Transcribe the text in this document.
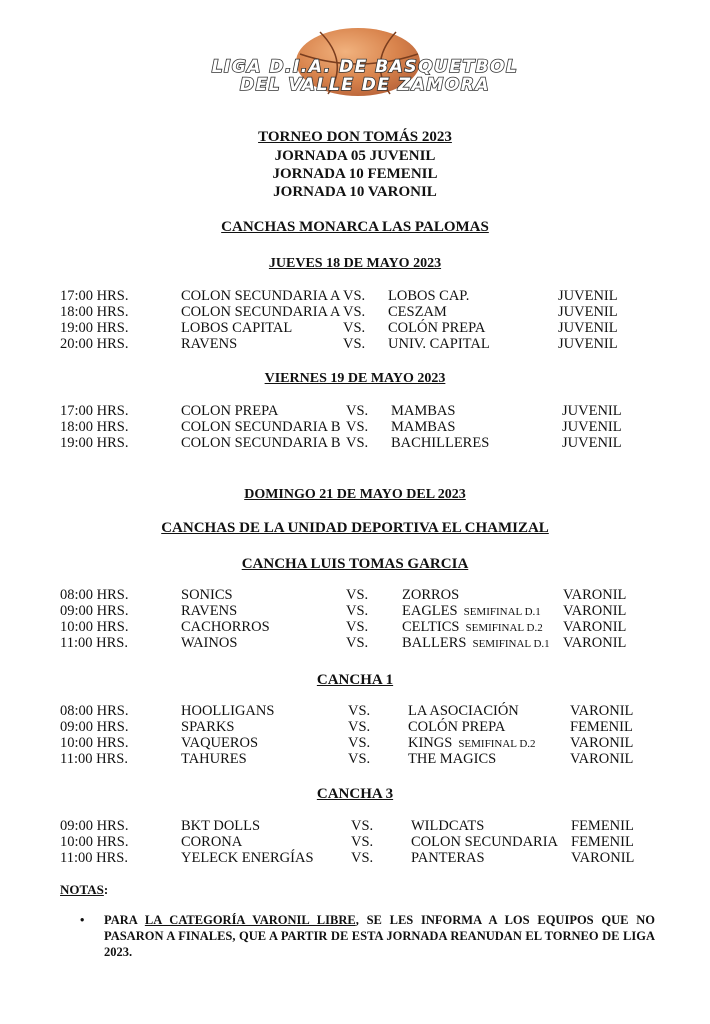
LIGA D.I.A. DE BASQUETBOL
DEL VALLE DE ZAMORA
TORNEO DON TOMÁS 2023
JORNADA 05 JUVENIL
JORNADA 10 FEMENIL
JORNADA 10 VARONIL
CANCHAS MONARCA LAS PALOMAS
JUEVES 18 DE MAYO 2023
17:00 HRS.	COLON SECUNDARIA A VS. LOBOS CAP.	JUVENIL
18:00 HRS.	COLON SECUNDARIA A VS. CESZAM	JUVENIL
19:00 HRS.	LOBOS CAPITAL	VS. COLÓN PREPA	JUVENIL
20:00 HRS.	RAVENS	VS. UNIV. CAPITAL	JUVENIL
VIERNES 19 DE MAYO 2023
17:00 HRS.	COLON PREPA	VS. MAMBAS	JUVENIL
18:00 HRS.	COLON SECUNDARIA B VS. MAMBAS	JUVENIL
19:00 HRS.	COLON SECUNDARIA B VS. BACHILLERES	JUVENIL
DOMINGO 21 DE MAYO DEL 2023
CANCHAS DE LA UNIDAD DEPORTIVA EL CHAMIZAL
CANCHA LUIS TOMAS GARCIA
08:00 HRS.	SONICS	VS. ZORROS	VARONIL
09:00 HRS.	RAVENS	VS. EAGLES SEMIFINAL D.1 VARONIL
10:00 HRS.	CACHORROS	VS. CELTICS SEMIFINAL D.2 VARONIL
11:00 HRS.	WAINOS	VS. BALLERS SEMIFINAL D.1 VARONIL
CANCHA 1
08:00 HRS.	HOOLLIGANS	VS.	LA ASOCIACIÓN	VARONIL
09:00 HRS.	SPARKS	VS.	COLÓN PREPA	FEMENIL
10:00 HRS.	VAQUEROS	VS.	KINGS SEMIFINAL D.2 VARONIL
11:00 HRS.	TAHURES	VS.	THE MAGICS	VARONIL
CANCHA 3
09:00 HRS.	BKT DOLLS	VS.	WILDCATS	FEMENIL
10:00 HRS.	CORONA	VS.	COLON SECUNDARIA FEMENIL
11:00 HRS.	YELECK ENERGÍAS	VS.	PANTERAS	VARONIL
NOTAS:
• PARA LA CATEGORÍA VARONIL LIBRE, SE LES INFORMA A LOS EQUIPOS QUE NO PASARON A FINALES, QUE A PARTIR DE ESTA JORNADA REANUDAN EL TORNEO DE LIGA 2023.
